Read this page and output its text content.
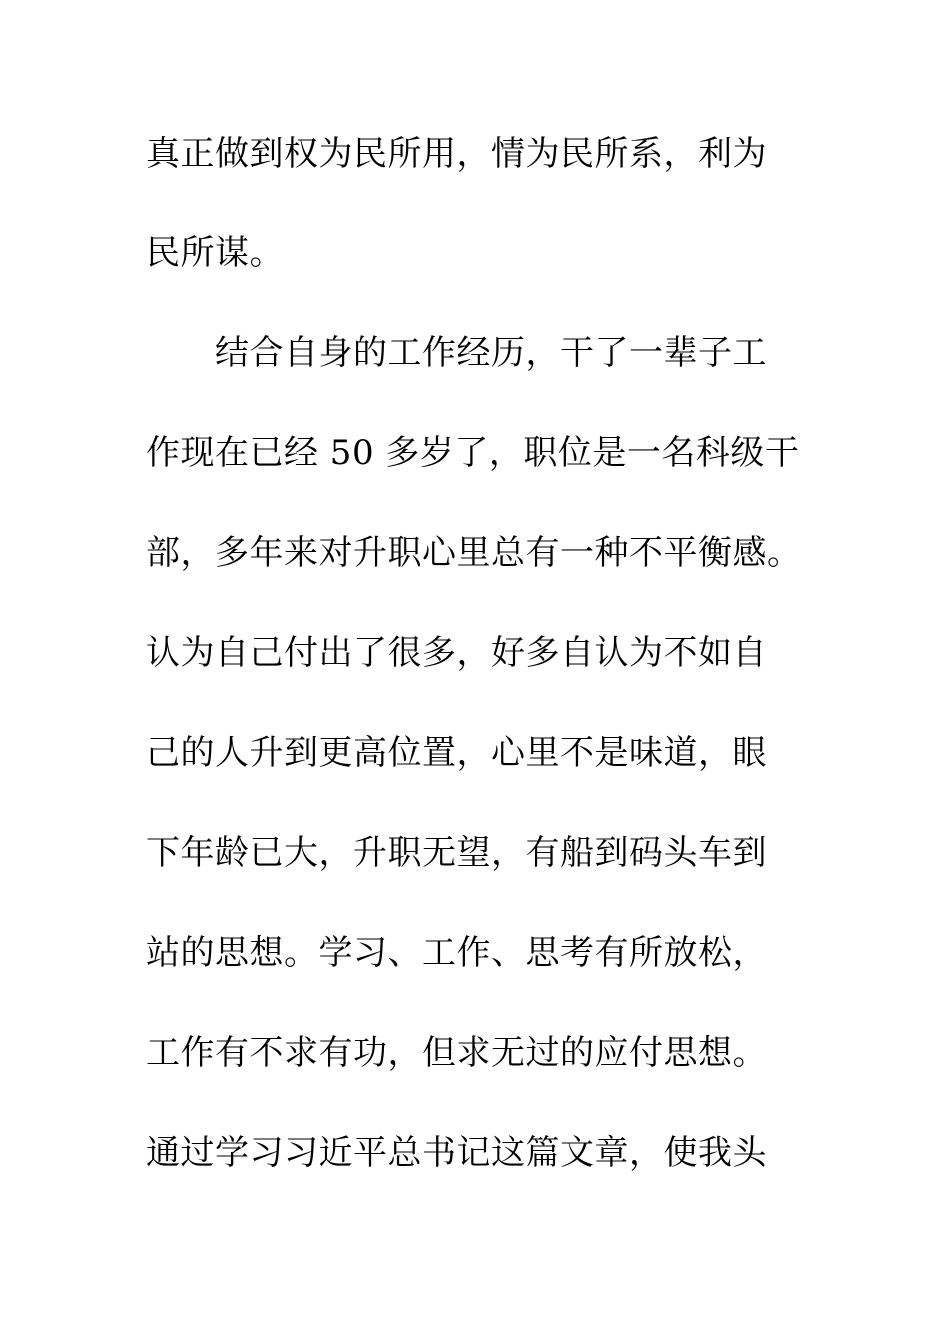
真正做到权为民所用，情为民所系，利为
民所谋。
　　结合自身的工作经历，干了一辈子工
作现在已经 50 多岁了，职位是一名科级干
部，多年来对升职心里总有一种不平衡感。
认为自己付出了很多，好多自认为不如自
己的人升到更高位置，心里不是味道，眼
下年龄已大，升职无望，有船到码头车到
站的思想。学习、工作、思考有所放松，
工作有不求有功，但求无过的应付思想。
通过学习习近平总书记这篇文章，使我头
